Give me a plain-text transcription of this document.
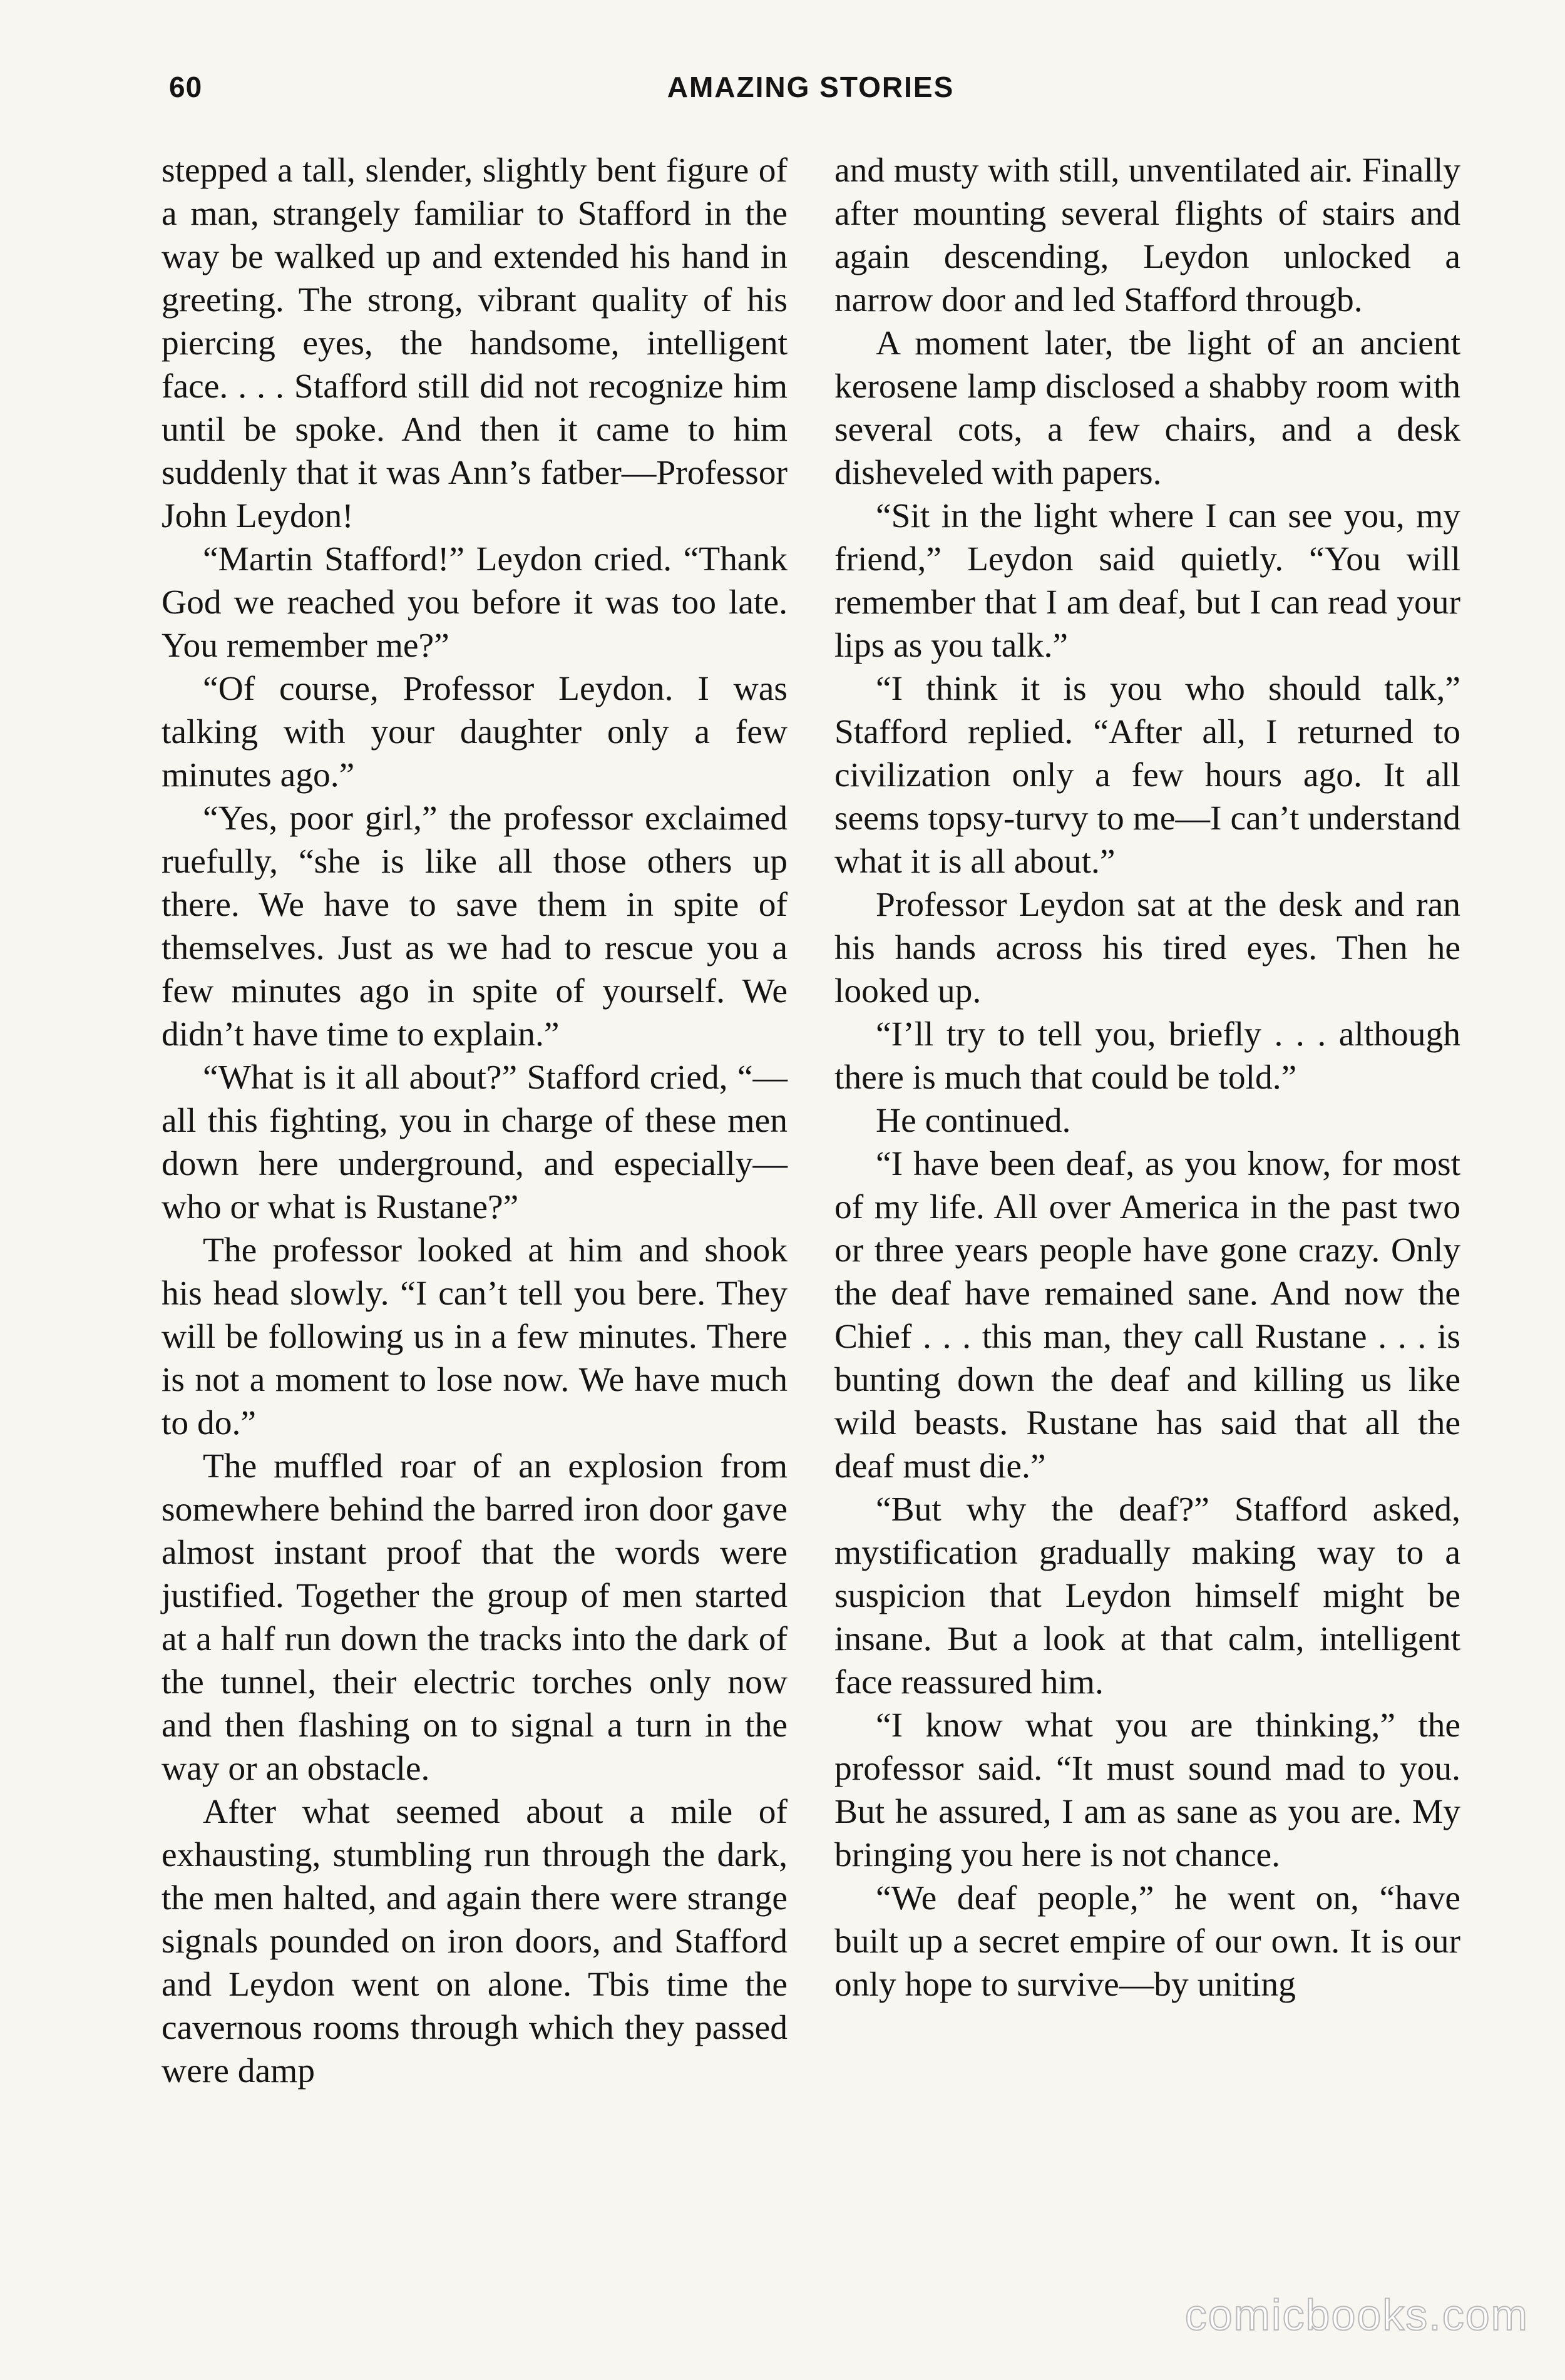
60	AMAZING STORIES

stepped a tall, slender, slightly bent figure of a man, strangely familiar to Stafford in the way be walked up and extended his hand in greeting. The strong, vibrant quality of his piercing eyes, the handsome, intelligent face. . . . Stafford still did not recognize him until be spoke. And then it came to him suddenly that it was Ann’s fatber—Professor John Leydon!

“Martin Stafford!” Leydon cried. “Thank God we reached you before it was too late. You remember me?”

“Of course, Professor Leydon. I was talking with your daughter only a few minutes ago.”

“Yes, poor girl,” the professor exclaimed ruefully, “she is like all those others up there. We have to save them in spite of themselves. Just as we had to rescue you a few minutes ago in spite of yourself. We didn’t have time to explain.”

“What is it all about?” Stafford cried, “—all this fighting, you in charge of these men down here underground, and especially—who or what is Rustane?”

The professor looked at him and shook his head slowly. “I can’t tell you bere. They will be following us in a few minutes. There is not a moment to lose now. We have much to do.”

The muffled roar of an explosion from somewhere behind the barred iron door gave almost instant proof that the words were justified. Together the group of men started at a half run down the tracks into the dark of the tunnel, their electric torches only now and then flashing on to signal a turn in the way or an obstacle.

After what seemed about a mile of exhausting, stumbling run through the dark, the men halted, and again there were strange signals pounded on iron doors, and Stafford and Leydon went on alone. Tbis time the cavernous rooms through which they passed were damp

and musty with still, unventilated air. Finally after mounting several flights of stairs and again descending, Leydon unlocked a narrow door and led Stafford througb.

A moment later, tbe light of an ancient kerosene lamp disclosed a shabby room with several cots, a few chairs, and a desk disheveled with papers.

“Sit in the light where I can see you, my friend,” Leydon said quietly. “You will remember that I am deaf, but I can read your lips as you talk.”

“I think it is you who should talk,” Stafford replied. “After all, I returned to civilization only a few hours ago. It all seems topsy-turvy to me—I can’t understand what it is all about.”

Professor Leydon sat at the desk and ran his hands across his tired eyes. Then he looked up.

“I’ll try to tell you, briefly . . . although there is much that could be told.”

He continued.

“I have been deaf, as you know, for most of my life. All over America in the past two or three years people have gone crazy. Only the deaf have remained sane. And now the Chief . . . this man, they call Rustane . . . is bunting down the deaf and killing us like wild beasts. Rustane has said that all the deaf must die.”

“But why the deaf?” Stafford asked, mystification gradually making way to a suspicion that Leydon himself might be insane. But a look at that calm, intelligent face reassured him.

“I know what you are thinking,” the professor said. “It must sound mad to you. But he assured, I am as sane as you are. My bringing you here is not chance.

“We deaf people,” he went on, “have built up a secret empire of our own. It is our only hope to survive—by uniting

comicbooks.com
